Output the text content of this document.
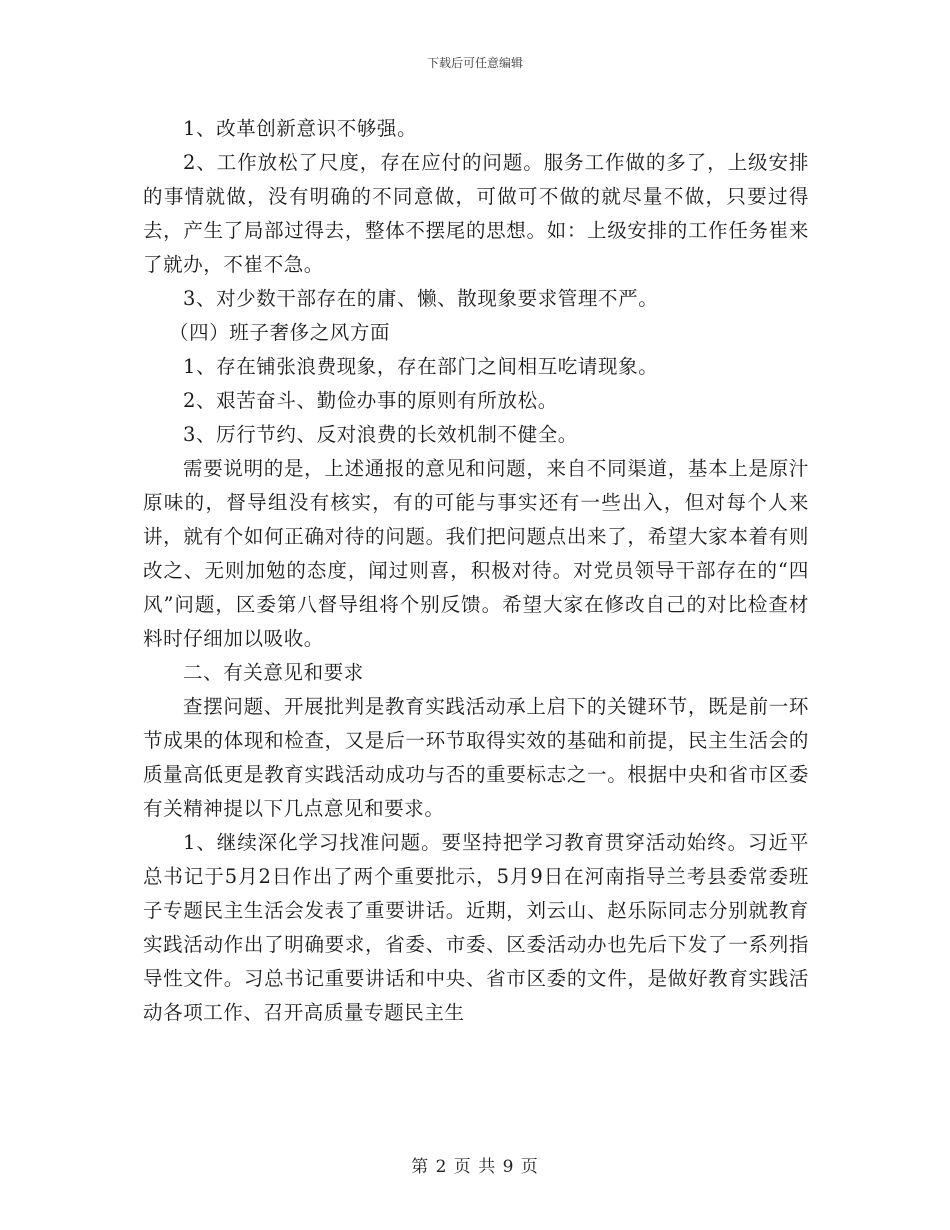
下载后可任意编辑

1、改革创新意识不够强。

2、工作放松了尺度，存在应付的问题。服务工作做的多了，上级安排的事情就做，没有明确的不同意做，可做可不做的就尽量不做，只要过得去，产生了局部过得去，整体不摆尾的思想。如：上级安排的工作任务崔来了就办，不崔不急。

3、对少数干部存在的庸、懒、散现象要求管理不严。

（四）班子奢侈之风方面

1、存在铺张浪费现象，存在部门之间相互吃请现象。

2、艰苦奋斗、勤俭办事的原则有所放松。

3、厉行节约、反对浪费的长效机制不健全。

需要说明的是，上述通报的意见和问题，来自不同渠道，基本上是原汁原味的，督导组没有核实，有的可能与事实还有一些出入，但对每个人来讲，就有个如何正确对待的问题。我们把问题点出来了，希望大家本着有则改之、无则加勉的态度，闻过则喜，积极对待。对党员领导干部存在的“四风”问题，区委第八督导组将个别反馈。希望大家在修改自己的对比检查材料时仔细加以吸收。

二、有关意见和要求

查摆问题、开展批判是教育实践活动承上启下的关键环节，既是前一环节成果的体现和检查，又是后一环节取得实效的基础和前提，民主生活会的质量高低更是教育实践活动成功与否的重要标志之一。根据中央和省市区委有关精神提以下几点意见和要求。

1、继续深化学习找准问题。要坚持把学习教育贯穿活动始终。习近平总书记于5月2日作出了两个重要批示，5月9日在河南指导兰考县委常委班子专题民主生活会发表了重要讲话。近期，刘云山、赵乐际同志分别就教育实践活动作出了明确要求，省委、市委、区委活动办也先后下发了一系列指导性文件。习总书记重要讲话和中央、省市区委的文件，是做好教育实践活动各项工作、召开高质量专题民主生

第 2 页 共 9 页
